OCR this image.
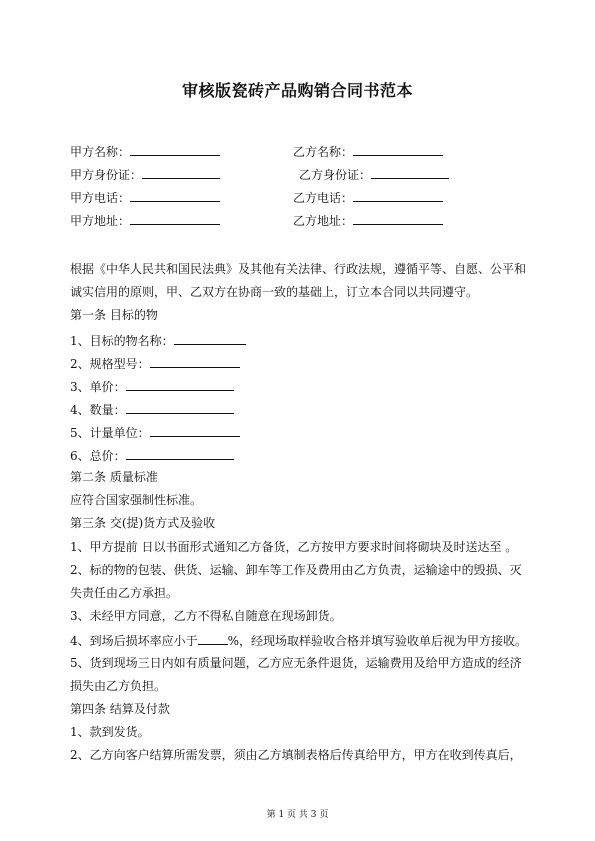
审核版瓷砖产品购销合同书范本
甲方名称：	乙方名称：
甲方身份证：	乙方身份证：
甲方电话：	乙方电话：
甲方地址：	乙方地址：
根据《中华人民共和国民法典》及其他有关法律、行政法规，遵循平等、自愿、公平和
诚实信用的原则，甲、乙双方在协商一致的基础上，订立本合同以共同遵守。
第一条 目标的物
1、目标的物名称：
2、规格型号：
3、单价：
4、数量：
5、计量单位：
6、总价：
第二条 质量标准
应符合国家强制性标准。
第三条 交(提)货方式及验收
1、甲方提前 日以书面形式通知乙方备货，乙方按甲方要求时间将砌块及时送达至 。
2、标的物的包装、供货、运输、卸车等工作及费用由乙方负责，运输途中的毁损、灭
失责任由乙方承担。
3、未经甲方同意，乙方不得私自随意在现场卸货。
4、到场后损坏率应小于	%，经现场取样验收合格并填写验收单后视为甲方接收。
5、货到现场三日内如有质量问题，乙方应无条件退货，运输费用及给甲方造成的经济
损失由乙方负担。
第四条 结算及付款
1、款到发货。
2、乙方向客户结算所需发票，须由乙方填制表格后传真给甲方，甲方在收到传真后，
第 1 页 共 3 页
